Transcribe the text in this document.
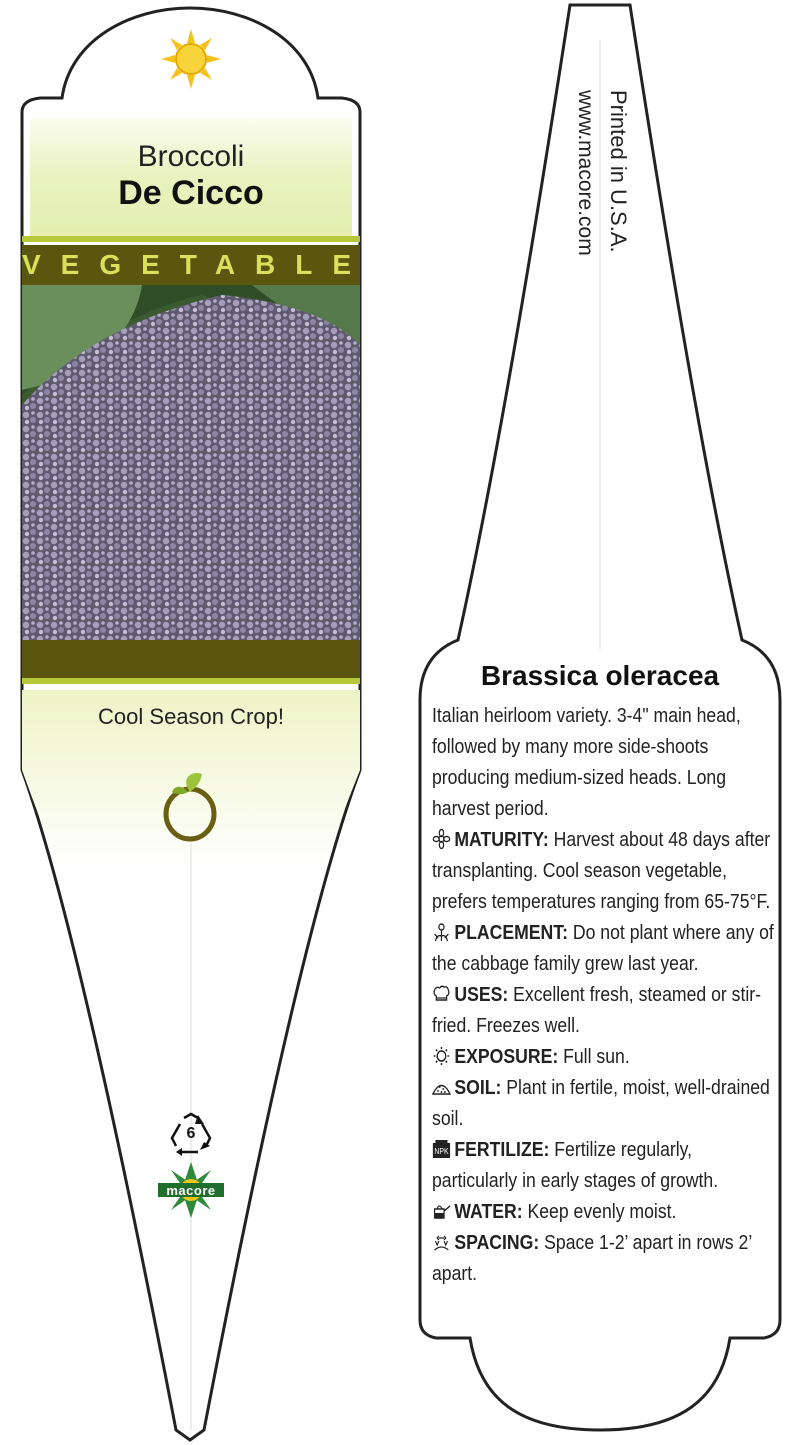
Broccoli
De Cicco
VEGETABLE
Cool Season Crop!
6
macore
Printed in U.S.A.
www.macore.com
Brassica oleracea

Italian heirloom variety. 3-4" main head, followed by many more side-shoots producing medium-sized heads. Long harvest period.

MATURITY: Harvest about 48 days after transplanting. Cool season vegetable, prefers temperatures ranging from 65-75°F.

PLACEMENT: Do not plant where any of the cabbage family grew last year.

USES: Excellent fresh, steamed or stir-fried. Freezes well.

EXPOSURE: Full sun.

SOIL: Plant in fertile, moist, well-drained soil.

NPK FERTILIZE: Fertilize regularly, particularly in early stages of growth.

WATER: Keep evenly moist.

SPACING: Space 1-2’ apart in rows 2’ apart.
